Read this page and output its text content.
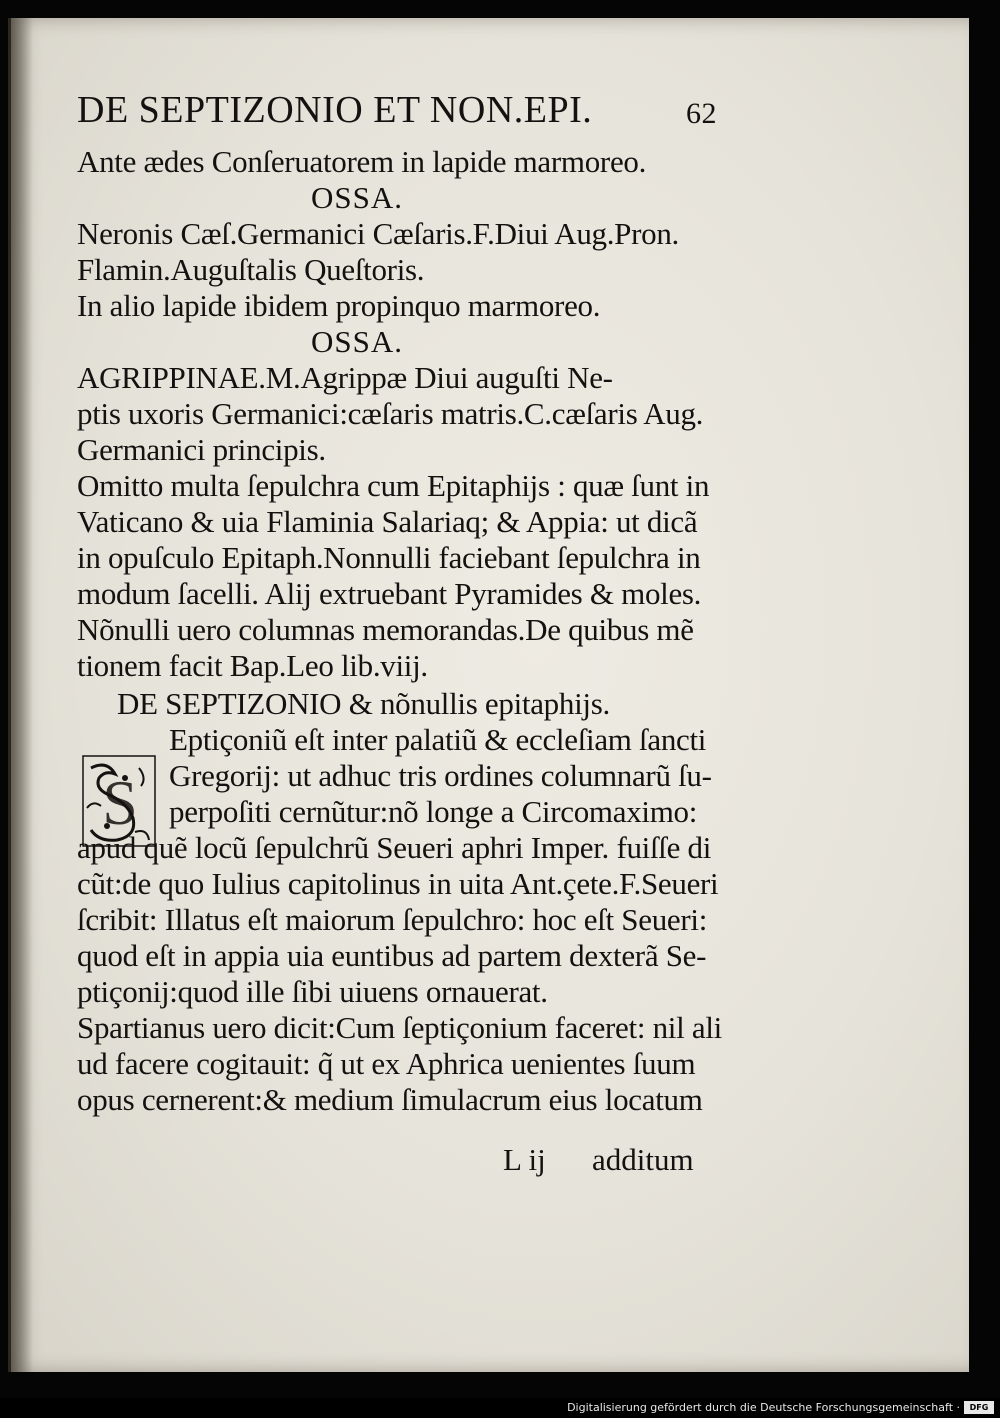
DE SEPTIZONIO ET NON.EPI.	62
Ante ædes Conſeruatorem in lapide marmoreo.
OSSA.
Neronis Cæſ.Germanici Cæſaris.F.Diui Aug.Pron.
Flamin.Auguſtalis Queſtoris.
In alio lapide ibidem propinquo marmoreo.
OSSA.
AGRIPPINAE.M.Agrippæ Diui auguſti Ne-
ptis uxoris Germanici:cæſaris matris.C.cæſaris Aug.
Germanici principis.
Omitto multa ſepulchra cum Epitaphijs : quæ ſunt in
Vaticano & uia Flaminia Salariaq; & Appia: ut dicã
in opuſculo Epitaph.Nonnulli faciebant ſepulchra in
modum ſacelli. Alij extruebant Pyramides & moles.
Nõnulli uero columnas memorandas.De quibus mẽ
tionem facit Bap.Leo lib.viij.
DE SEPTIZONIO & nõnullis epitaphijs.
S
Eptiçoniũ eſt inter palatiũ & eccleſiam ſancti
Gregorij: ut adhuc tris ordines columnarũ ſu-
perpoſiti cernũtur:nõ longe a Circomaximo:
apud quẽ locũ ſepulchrũ Seueri aphri Imper. fuiſſe di
cũt:de quo Iulius capitolinus in uita Ant.çete.F.Seueri
ſcribit: Illatus eſt maiorum ſepulchro: hoc eſt Seueri:
quod eſt in appia uia euntibus ad partem dexterã Se-
ptiçonij:quod ille ſibi uiuens ornauerat.
Spartianus uero dicit:Cum ſeptiçonium faceret: nil ali
ud facere cogitauit: q̃ ut ex Aphrica uenientes ſuum
opus cernerent:& medium ſimulacrum eius locatum
L ij additum
Digitalisierung gefördert durch die Deutsche Forschungsgemeinschaft ·	DFG
